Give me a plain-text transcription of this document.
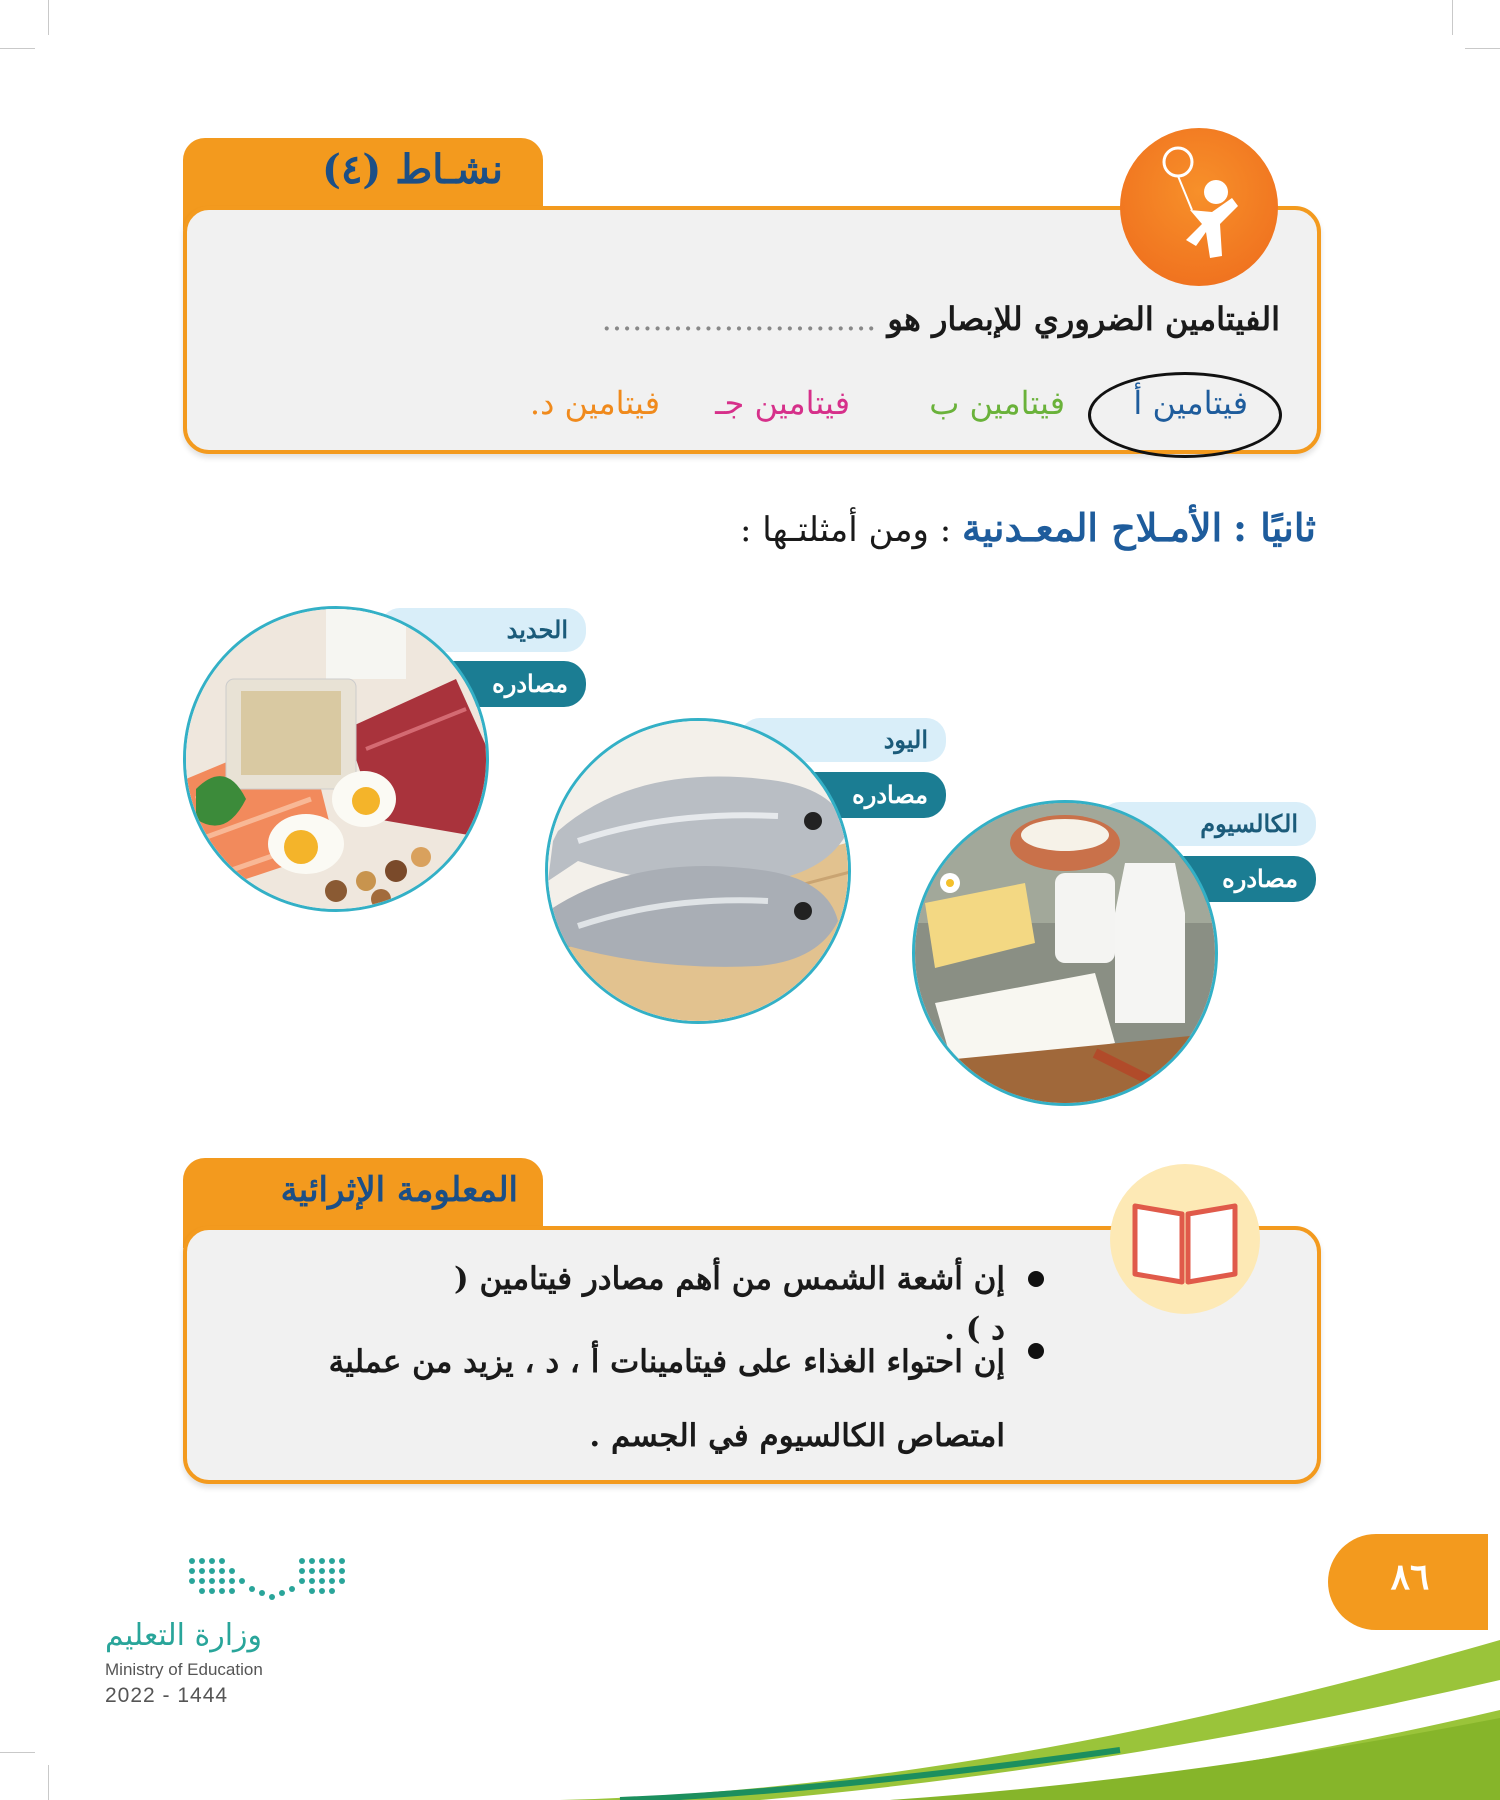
نشـاط (٤)
الفيتامين الضروري للإبصار هو ...........................
فيتامين أ
فيتامين ب
فيتامين جـ
فيتامين د.
ثانيًا : الأمـلاح المعـدنية : ومن أمثلتـها :
الحديد
مصادره
اليود
مصادره
الكالسيوم
مصادره
المعلومة الإثرائية
إن أشعة الشمس من أهم مصادر فيتامين ( د ) .
إن احتواء الغذاء على فيتامينات أ ، د ، يزيد من عملية امتصاص الكالسيوم في الجسم .
٨٦
وزارة التعليم
Ministry of Education
2022 - 1444
